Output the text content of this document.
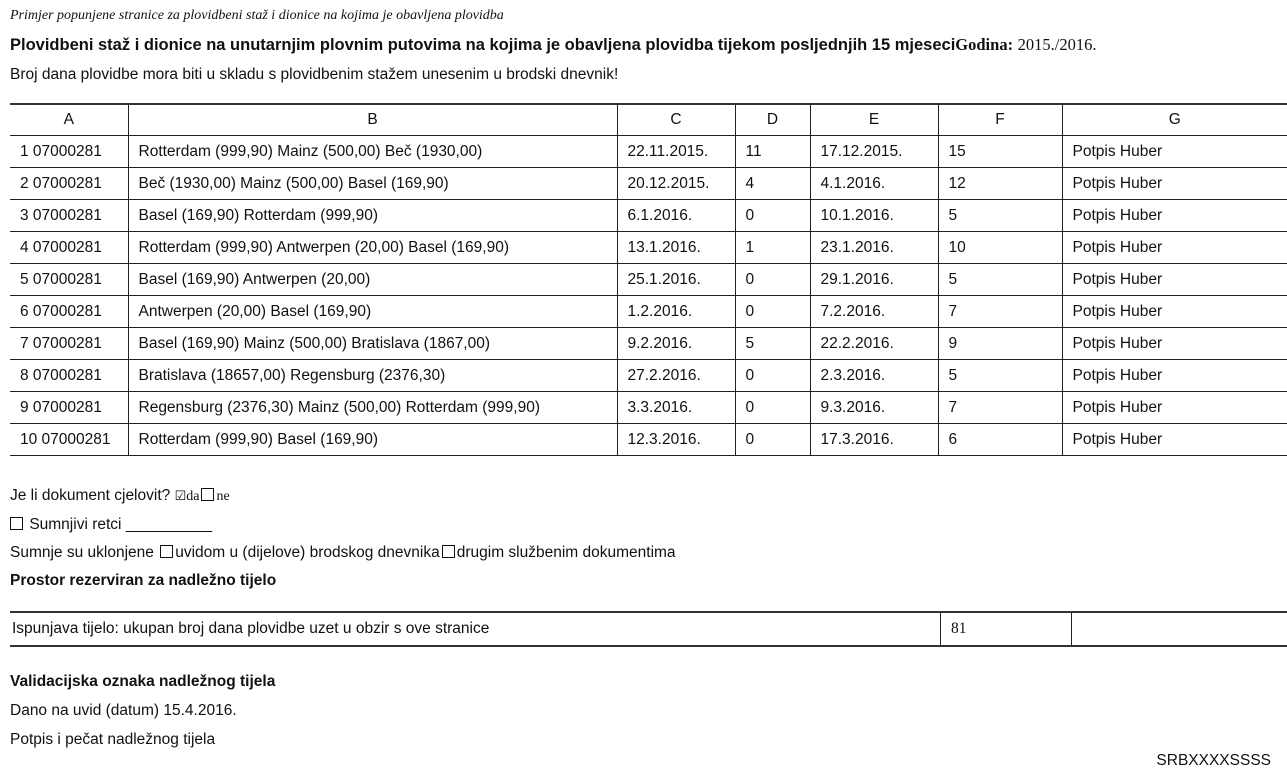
Primjer popunjene stranice za plovidbeni staž i dionice na kojima je obavljena plovidba
Plovidbeni staž i dionice na unutarnjim plovnim putovima na kojima je obavljena plovidba tijekom posljednjih 15 mjeseciGodina: 2015./2016.
Broj dana plovidbe mora biti u skladu s plovidbenim stažem unesenim u brodski dnevnik!
A	B	C	D	E	F	G
1 07000281	Rotterdam (999,90) Mainz (500,00) Beč (1930,00)	22.11.2015.	11	17.12.2015.	15	Potpis Huber
2 07000281	Beč (1930,00) Mainz (500,00) Basel (169,90)	20.12.2015.	4	4.1.2016.	12	Potpis Huber
3 07000281	Basel (169,90) Rotterdam (999,90)	6.1.2016.	0	10.1.2016.	5	Potpis Huber
4 07000281	Rotterdam (999,90) Antwerpen (20,00) Basel (169,90)	13.1.2016.	1	23.1.2016.	10	Potpis Huber
5 07000281	Basel (169,90) Antwerpen (20,00)	25.1.2016.	0	29.1.2016.	5	Potpis Huber
6 07000281	Antwerpen (20,00) Basel (169,90)	1.2.2016.	0	7.2.2016.	7	Potpis Huber
7 07000281	Basel (169,90) Mainz (500,00) Bratislava (1867,00)	9.2.2016.	5	22.2.2016.	9	Potpis Huber
8 07000281	Bratislava (18657,00) Regensburg (2376,30)	27.2.2016.	0	2.3.2016.	5	Potpis Huber
9 07000281	Regensburg (2376,30) Mainz (500,00) Rotterdam (999,90)	3.3.2016.	0	9.3.2016.	7	Potpis Huber
10 07000281	Rotterdam (999,90) Basel (169,90)	12.3.2016.	0	17.3.2016.	6	Potpis Huber
Je li dokument cjelovit? ☑da ne
Sumnjivi retci __________
Sumnje su uklonjene uvidom u (dijelove) brodskog dnevnika drugim službenim dokumentima
Prostor rezerviran za nadležno tijelo
Ispunjava tijelo: ukupan broj dana plovidbe uzet u obzir s ove stranice	81	
Validacijska oznaka nadležnog tijela
Dano na uvid (datum) 15.4.2016.
Potpis i pečat nadležnog tijela
SRBXXXXSSSS
